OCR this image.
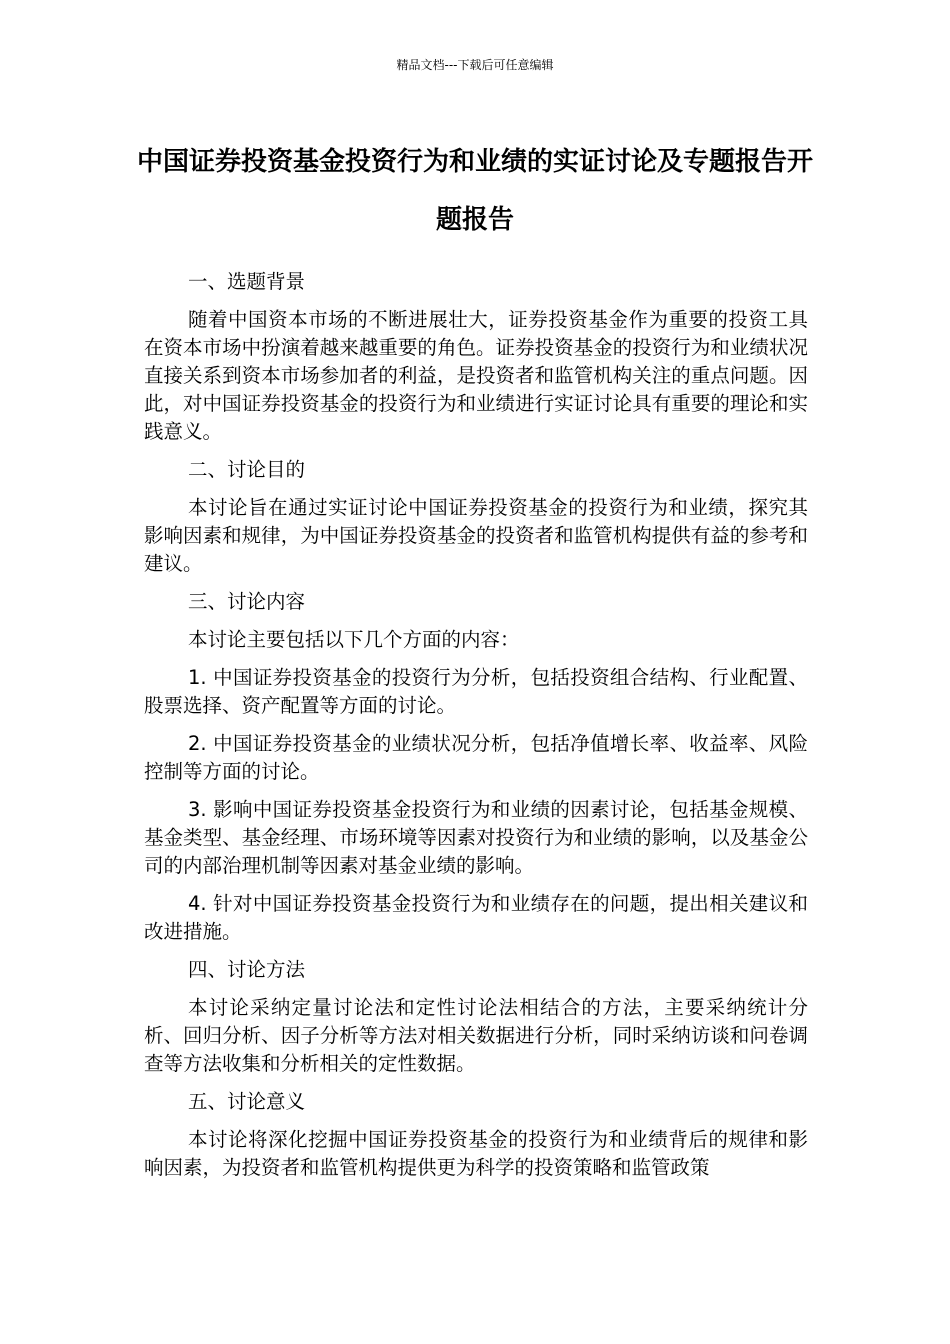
精品文档---下载后可任意编辑
中国证券投资基金投资行为和业绩的实证讨论及专题报告开题报告

一、选题背景

随着中国资本市场的不断进展壮大，证券投资基金作为重要的投资工具在资本市场中扮演着越来越重要的角色。证券投资基金的投资行为和业绩状况直接关系到资本市场参加者的利益，是投资者和监管机构关注的重点问题。因此，对中国证券投资基金的投资行为和业绩进行实证讨论具有重要的理论和实践意义。

二、讨论目的

本讨论旨在通过实证讨论中国证券投资基金的投资行为和业绩，探究其影响因素和规律，为中国证券投资基金的投资者和监管机构提供有益的参考和建议。

三、讨论内容

本讨论主要包括以下几个方面的内容：

1. 中国证券投资基金的投资行为分析，包括投资组合结构、行业配置、股票选择、资产配置等方面的讨论。

2. 中国证券投资基金的业绩状况分析，包括净值增长率、收益率、风险控制等方面的讨论。

3. 影响中国证券投资基金投资行为和业绩的因素讨论，包括基金规模、基金类型、基金经理、市场环境等因素对投资行为和业绩的影响，以及基金公司的内部治理机制等因素对基金业绩的影响。

4. 针对中国证券投资基金投资行为和业绩存在的问题，提出相关建议和改进措施。

四、讨论方法

本讨论采纳定量讨论法和定性讨论法相结合的方法，主要采纳统计分析、回归分析、因子分析等方法对相关数据进行分析，同时采纳访谈和问卷调查等方法收集和分析相关的定性数据。

五、讨论意义

本讨论将深化挖掘中国证券投资基金的投资行为和业绩背后的规律和影响因素，为投资者和监管机构提供更为科学的投资策略和监管政策
